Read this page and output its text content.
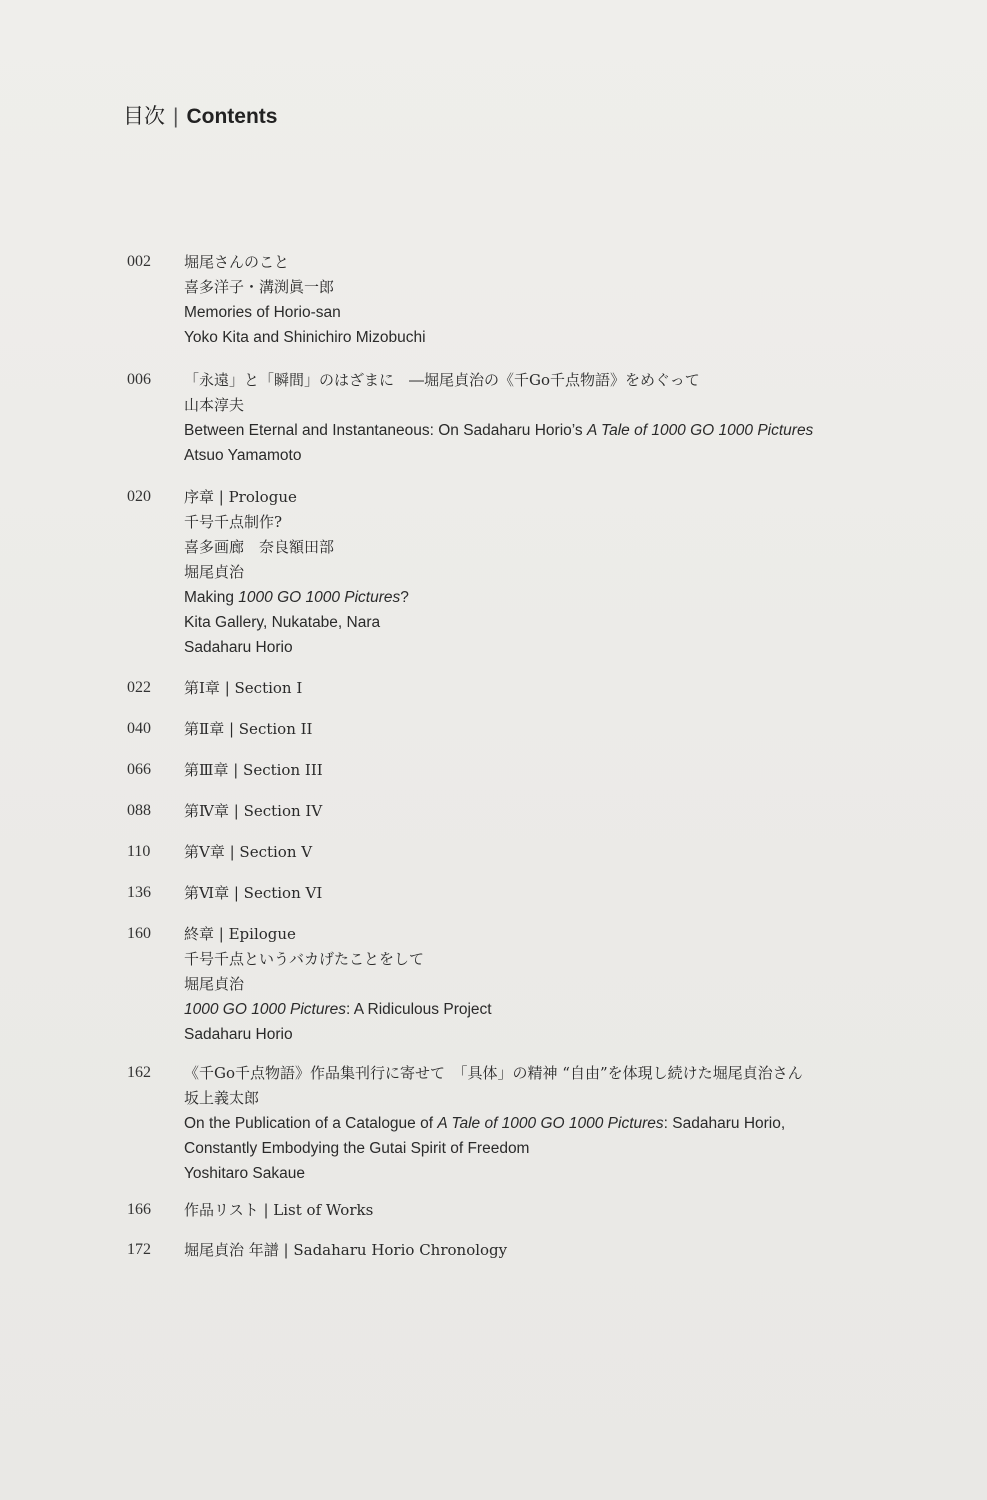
目次 | Contents
002 堀尾さんのこと
喜多洋子・溝渕眞一郎
Memories of Horio-san
Yoko Kita and Shinichiro Mizobuchi
006 「永遠」と「瞬間」のはざまに　―堀尾貞治の《千Go千点物語》をめぐって
山本淳夫
Between Eternal and Instantaneous: On Sadaharu Horio’s A Tale of 1000 GO 1000 Pictures
Atsuo Yamamoto
020 序章 | Prologue
千号千点制作?
喜多画廊　奈良額田部
堀尾貞治
Making 1000 GO 1000 Pictures?
Kita Gallery, Nukatabe, Nara
Sadaharu Horio
022 第Ⅰ章 | Section I
040 第Ⅱ章 | Section II
066 第Ⅲ章 | Section III
088 第Ⅳ章 | Section IV
110 第Ⅴ章 | Section V
136 第Ⅵ章 | Section VI
160 終章 | Epilogue
千号千点というバカげたことをして
堀尾貞治
1000 GO 1000 Pictures: A Ridiculous Project
Sadaharu Horio
162 《千Go千点物語》作品集刊行に寄せて　「具体」の精神 “自由”を体現し続けた堀尾貞治さん
坂上義太郎
On the Publication of a Catalogue of A Tale of 1000 GO 1000 Pictures: Sadaharu Horio,
Constantly Embodying the Gutai Spirit of Freedom
Yoshitaro Sakaue
166 作品リスト | List of Works
172 堀尾貞治 年譜 | Sadaharu Horio Chronology
